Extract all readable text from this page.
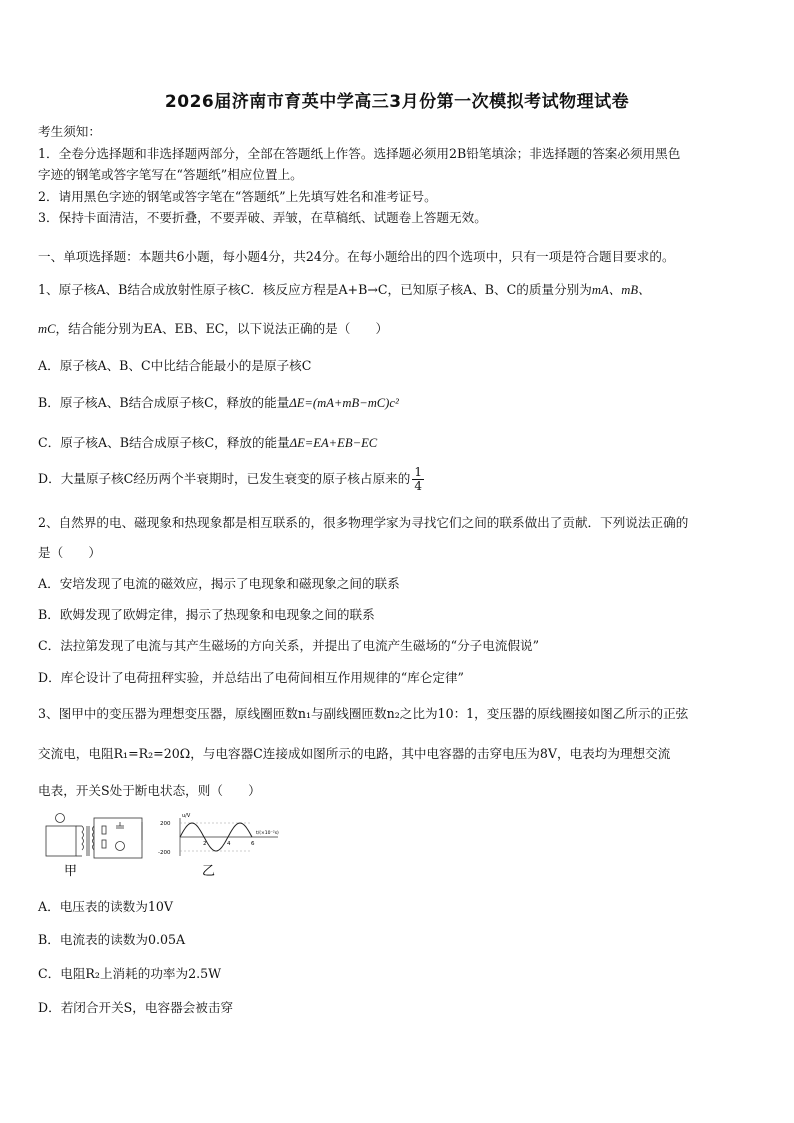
2026届济南市育英中学高三3月份第一次模拟考试物理试卷
考生须知：
1．全卷分选择题和非选择题两部分，全部在答题纸上作答。选择题必须用2B铅笔填涂；非选择题的答案必须用黑色
字迹的钢笔或答字笔写在“答题纸”相应位置上。
2．请用黑色字迹的钢笔或答字笔在“答题纸”上先填写姓名和准考证号。
3．保持卡面清洁，不要折叠，不要弄破、弄皱，在草稿纸、试题卷上答题无效。
一、单项选择题：本题共6小题，每小题4分，共24分。在每小题给出的四个选项中，只有一项是符合题目要求的。
1、原子核A、B结合成放射性原子核C．核反应方程是A+B→C，已知原子核A、B、C的质量分别为mA、mB、
mC，结合能分别为EA、EB、EC，以下说法正确的是（　　）
A．原子核A、B、C中比结合能最小的是原子核C
B．原子核A、B结合成原子核C，释放的能量ΔE=(mA+mB−mC)c²
C．原子核A、B结合成原子核C，释放的能量ΔE=EA+EB−EC
D．大量原子核C经历两个半衰期时，已发生衰变的原子核占原来的 $\frac{1}{4}$
2、自然界的电、磁现象和热现象都是相互联系的，很多物理学家为寻找它们之间的联系做出了贡献．下列说法正确的
是（　　）
A．安培发现了电流的磁效应，揭示了电现象和磁现象之间的联系
B．欧姆发现了欧姆定律，揭示了热现象和电现象之间的联系
C．法拉第发现了电流与其产生磁场的方向关系，并提出了电流产生磁场的“分子电流假说”
D．库仑设计了电荷扭秤实验，并总结出了电荷间相互作用规律的“库仑定律”
3、图甲中的变压器为理想变压器，原线圈匝数n₁与副线圈匝数n₂之比为10：1，变压器的原线圈接如图乙所示的正弦
交流电，电阻R₁=R₂=20Ω，与电容器C连接成如图所示的电路，其中电容器的击穿电压为8V，电表均为理想交流
电表，开关S处于断电状态，则（　　）
甲
200
-200
u/V
2	4	6
t/(×10⁻²s)
乙
A．电压表的读数为10V
B．电流表的读数为0.05A
C．电阻R₂上消耗的功率为2.5W
D．若闭合开关S，电容器会被击穿
